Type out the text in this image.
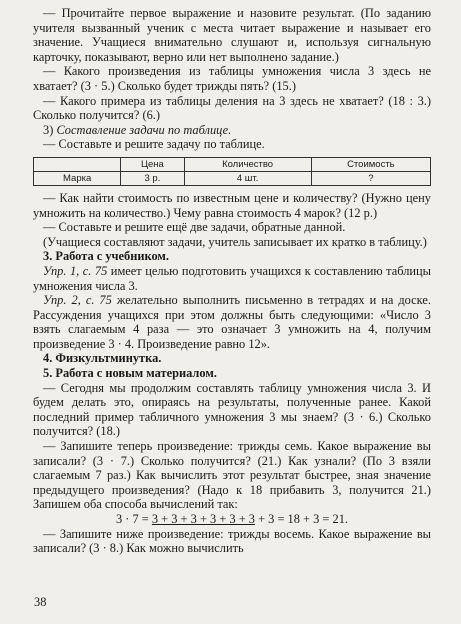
— Прочитайте первое выражение и назовите результат. (По заданию учителя вызванный ученик с места читает выражение и называет его значение. Учащиеся внимательно слушают и, используя сигнальную карточку, показывают, верно или нет выполнено задание.)

— Какого произведения из таблицы умножения числа 3 здесь не хватает? (3 · 5.) Сколько будет трижды пять? (15.)

— Какого примера из таблицы деления на 3 здесь не хватает? (18 : 3.) Сколько получится? (6.)

3) Составление задачи по таблице.

— Составьте и решите задачу по таблице.

	Цена	Количество	Стоимость
Марка	3 р.	4 шт.	?

— Как найти стоимость по известным цене и количеству? (Нужно цену умножить на количество.) Чему равна стоимость 4 марок? (12 р.)

— Составьте и решите ещё две задачи, обратные данной.

(Учащиеся составляют задачи, учитель записывает их кратко в таблицу.)

3. Работа с учебником.

Упр. 1, с. 75 имеет целью подготовить учащихся к составлению таблицы умножения числа 3.

Упр. 2, с. 75 желательно выполнить письменно в тетрадях и на доске. Рассуждения учащихся при этом должны быть следующими: «Число 3 взять слагаемым 4 раза — это означает 3 умножить на 4, получим произведение 3 · 4. Произведение равно 12».

4. Физкультминутка.

5. Работа с новым материалом.

— Сегодня мы продолжим составлять таблицу умножения числа 3. И будем делать это, опираясь на результаты, полученные ранее. Какой последний пример табличного умножения 3 мы знаем? (3 · 6.) Сколько получится? (18.)

— Запишите теперь произведение: трижды семь. Какое выражение вы записали? (3 · 7.) Сколько получится? (21.) Как узнали? (По 3 взяли слагаемым 7 раз.) Как вычислить этот результат быстрее, зная значение предыдущего произведения? (Надо к 18 прибавить 3, получится 21.) Запишем оба способа вычислений так:

3 · 7 = 3 + 3 + 3 + 3 + 3 + 3 + 3 = 18 + 3 = 21.

— Запишите ниже произведение: трижды восемь. Какое выражение вы записали? (3 · 8.) Как можно вычислить

38
